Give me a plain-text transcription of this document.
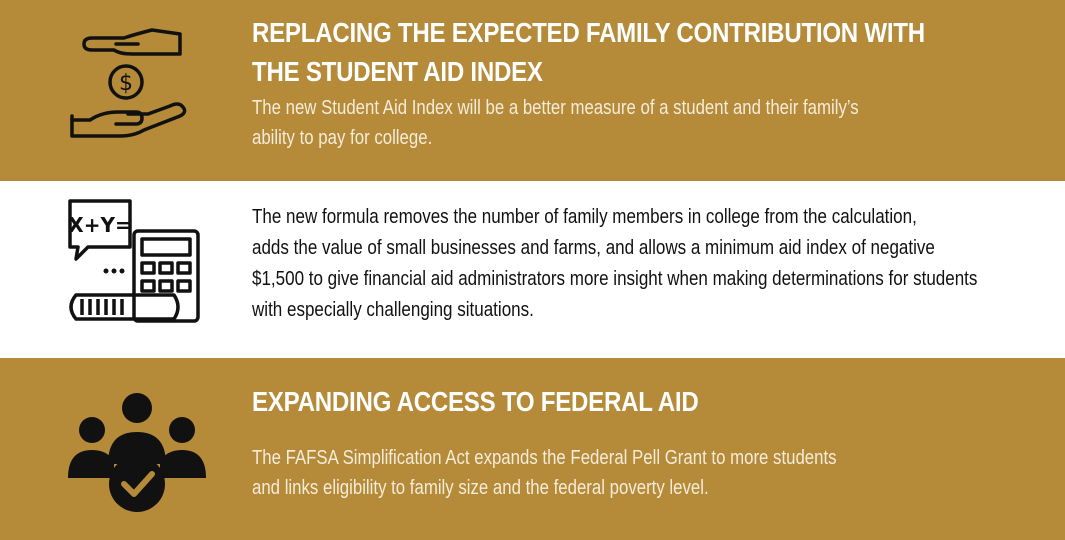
$
REPLACING THE EXPECTED FAMILY CONTRIBUTION WITH
THE STUDENT AID INDEX
The new Student Aid Index will be a better measure of a student and their family’s
ability to pay for college.
X+Y=	The new formula removes the number of family members in college from the calculation,
adds the value of small businesses and farms, and allows a minimum aid index of negative
$1,500 to give financial aid administrators more insight when making determinations for students
with especially challenging situations.
EXPANDING ACCESS TO FEDERAL AID
The FAFSA Simplification Act expands the Federal Pell Grant to more students
and links eligibility to family size and the federal poverty level.
